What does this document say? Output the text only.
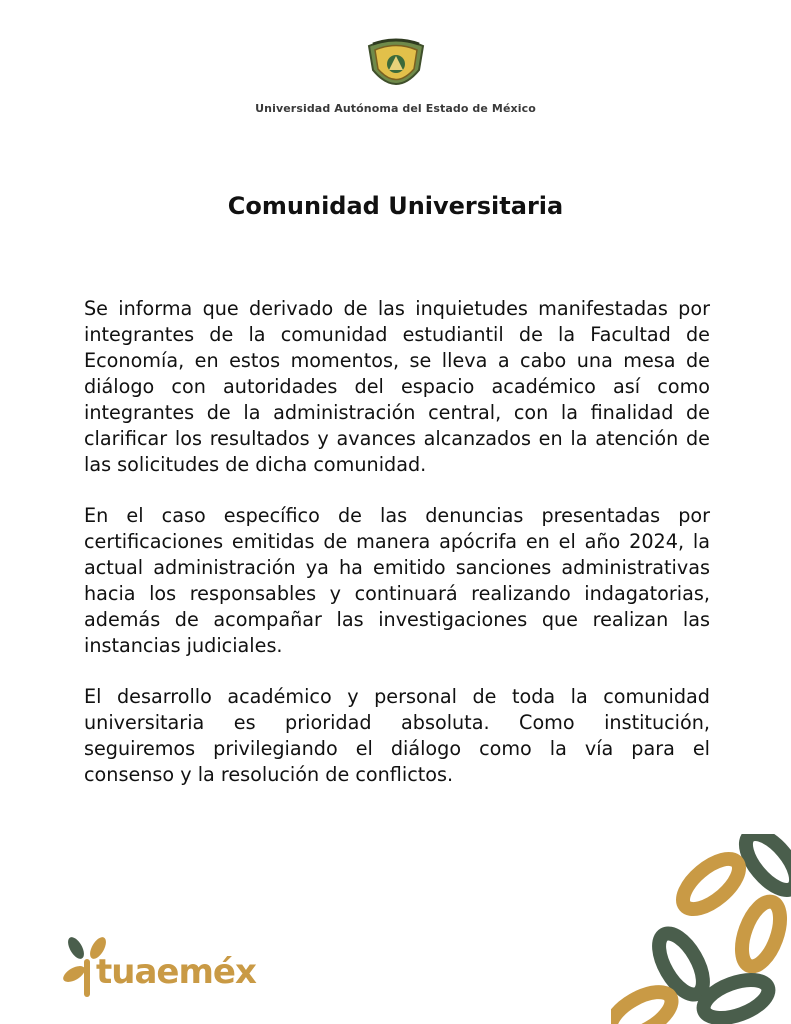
Universidad Autónoma del Estado de México
Comunidad Universitaria

Se informa que derivado de las inquietudes manifestadas por integrantes de la comunidad estudiantil de la Facultad de Economía, en estos momentos, se lleva a cabo una mesa de diálogo con autoridades del espacio académico así como integrantes de la administración central, con la finalidad de clarificar los resultados y avances alcanzados en la atención de las solicitudes de dicha comunidad.

En el caso específico de las denuncias presentadas por certificaciones emitidas de manera apócrifa en el año 2024, la actual administración ya ha emitido sanciones administrativas hacia los responsables y continuará realizando indagatorias, además de acompañar las investigaciones que realizan las instancias judiciales.

El desarrollo académico y personal de toda la comunidad universitaria es prioridad absoluta. Como institución, seguiremos privilegiando el diálogo como la vía para el consenso y la resolución de conflictos.

tuaeméx
